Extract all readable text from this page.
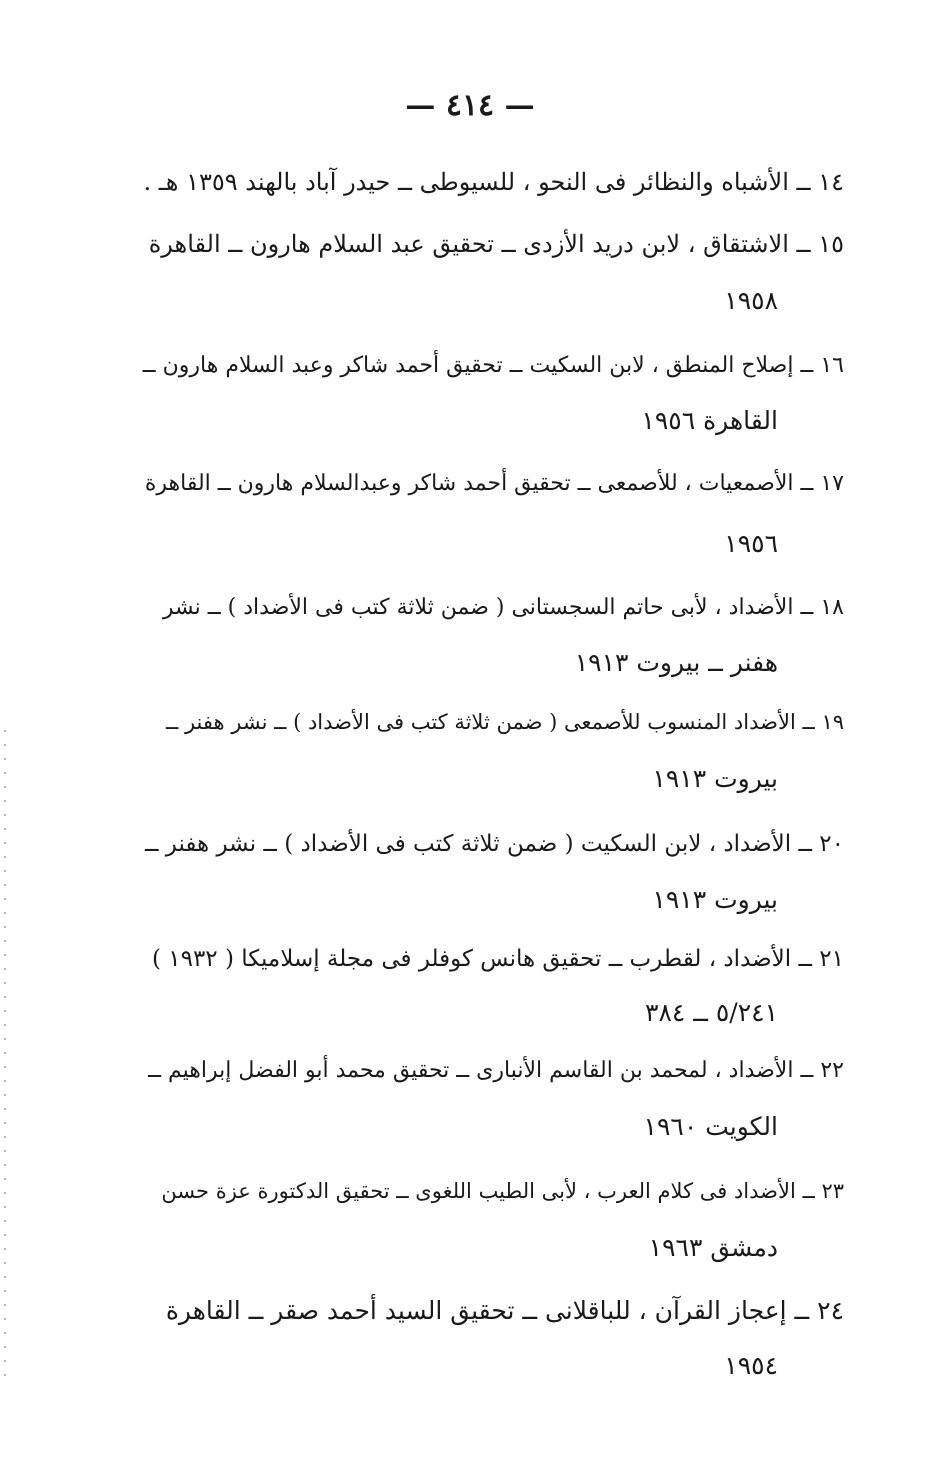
— ٤١٤ —
١٤ ــ الأشباه والنظائر فى النحو ، للسيوطى ــ حيدر آباد بالهند ١٣٥٩ هـ .
١٥ ــ الاشتقاق ، لابن دريد الأزدى ــ تحقيق عبد السلام هارون ــ القاهرة
١٩٥٨
١٦ ــ إصلاح المنطق ، لابن السكيت ــ تحقيق أحمد شاكر وعبد السلام هارون ــ
القاهرة ١٩٥٦
١٧ ــ الأصمعيات ، للأصمعى ــ تحقيق أحمد شاكر وعبدالسلام هارون ــ القاهرة
١٩٥٦
١٨ ــ الأضداد ، لأبى حاتم السجستانى ( ضمن ثلاثة كتب فى الأضداد ) ــ نشر
هفنر ــ بيروت ١٩١٣
١٩ ــ الأضداد المنسوب للأصمعى ( ضمن ثلاثة كتب فى الأضداد ) ــ نشر هفنر ــ
بيروت ١٩١٣
٢٠ ــ الأضداد ، لابن السكيت ( ضمن ثلاثة كتب فى الأضداد ) ــ نشر هفنر ــ
بيروت ١٩١٣
٢١ ــ الأضداد ، لقطرب ــ تحقيق هانس كوفلر فى مجلة إسلاميكا ( ١٩٣٢ )
٥/٢٤١ ــ ٣٨٤
٢٢ ــ الأضداد ، لمحمد بن القاسم الأنبارى ــ تحقيق محمد أبو الفضل إبراهيم ــ
الكويت ١٩٦٠
٢٣ ــ الأضداد فى كلام العرب ، لأبى الطيب اللغوى ــ تحقيق الدكتورة عزة حسن
دمشق ١٩٦٣
٢٤ ــ إعجاز القرآن ، للباقلانى ــ تحقيق السيد أحمد صقر ــ القاهرة
١٩٥٤
